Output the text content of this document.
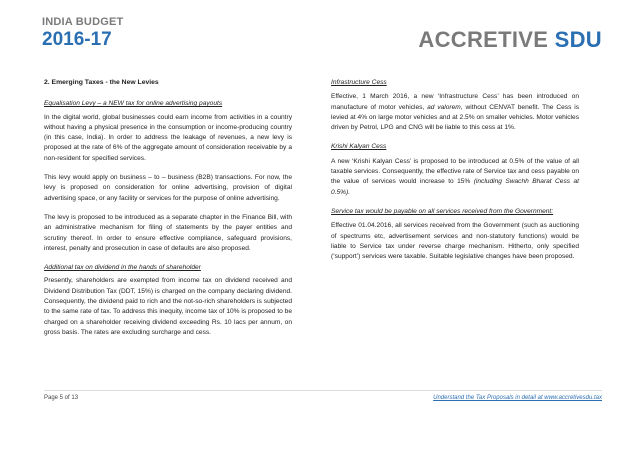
INDIA BUDGET
2016-17	ACCRETIVE SDU
2. Emerging Taxes - the New Levies
Equalisation Levy – a NEW tax for online advertising payouts
In the digital world, global businesses could earn income from activities in a country without having a physical presence in the consumption or income-producing country (in this case, India). In order to address the leakage of revenues, a new levy is proposed at the rate of 6% of the aggregate amount of consideration receivable by a non-resident for specified services.
This levy would apply on business – to – business (B2B) transactions. For now, the levy is proposed on consideration for online advertising, provision of digital advertising space, or any facility or services for the purpose of online advertising.
The levy is proposed to be introduced as a separate chapter in the Finance Bill, with an administrative mechanism for filing of statements by the payer entities and scrutiny thereof. In order to ensure effective compliance, safeguard provisions, interest, penalty and prosecution in case of defaults are also proposed.
Additional tax on dividend in the hands of shareholder
Presently, shareholders are exempted from income tax on dividend received and Dividend Distribution Tax (DDT, 15%) is charged on the company declaring dividend. Consequently, the dividend paid to rich and the not-so-rich shareholders is subjected to the same rate of tax. To address this inequity, income tax of 10% is proposed to be charged on a shareholder receiving dividend exceeding Rs. 10 lacs per annum, on gross basis. The rates are excluding surcharge and cess.
Infrastructure Cess
Effective, 1 March 2016, a new ‘Infrastructure Cess’ has been introduced on manufacture of motor vehicles, ad valorem, without CENVAT benefit. The Cess is levied at 4% on large motor vehicles and at 2.5% on smaller vehicles. Motor vehicles driven by Petrol, LPG and CNG will be liable to this cess at 1%.
Krishi Kalyan Cess
A new ‘Krishi Kalyan Cess’ is proposed to be introduced at 0.5% of the value of all taxable services. Consequently, the effective rate of Service tax and cess payable on the value of services would increase to 15% (including Swachh Bharat Cess at 0.5%).
Service tax would be payable on all services received from the Government:
Effective 01.04.2016, all services received from the Government (such as auctioning of spectrums etc, advertisement services and non-statutory functions) would be liable to Service tax under reverse charge mechanism. Hitherto, only specified (‘support’) services were taxable. Suitable legislative changes have been proposed.
Page 5 of 13	Understand the Tax Proposals in detail at www.accretivesdu.tax
